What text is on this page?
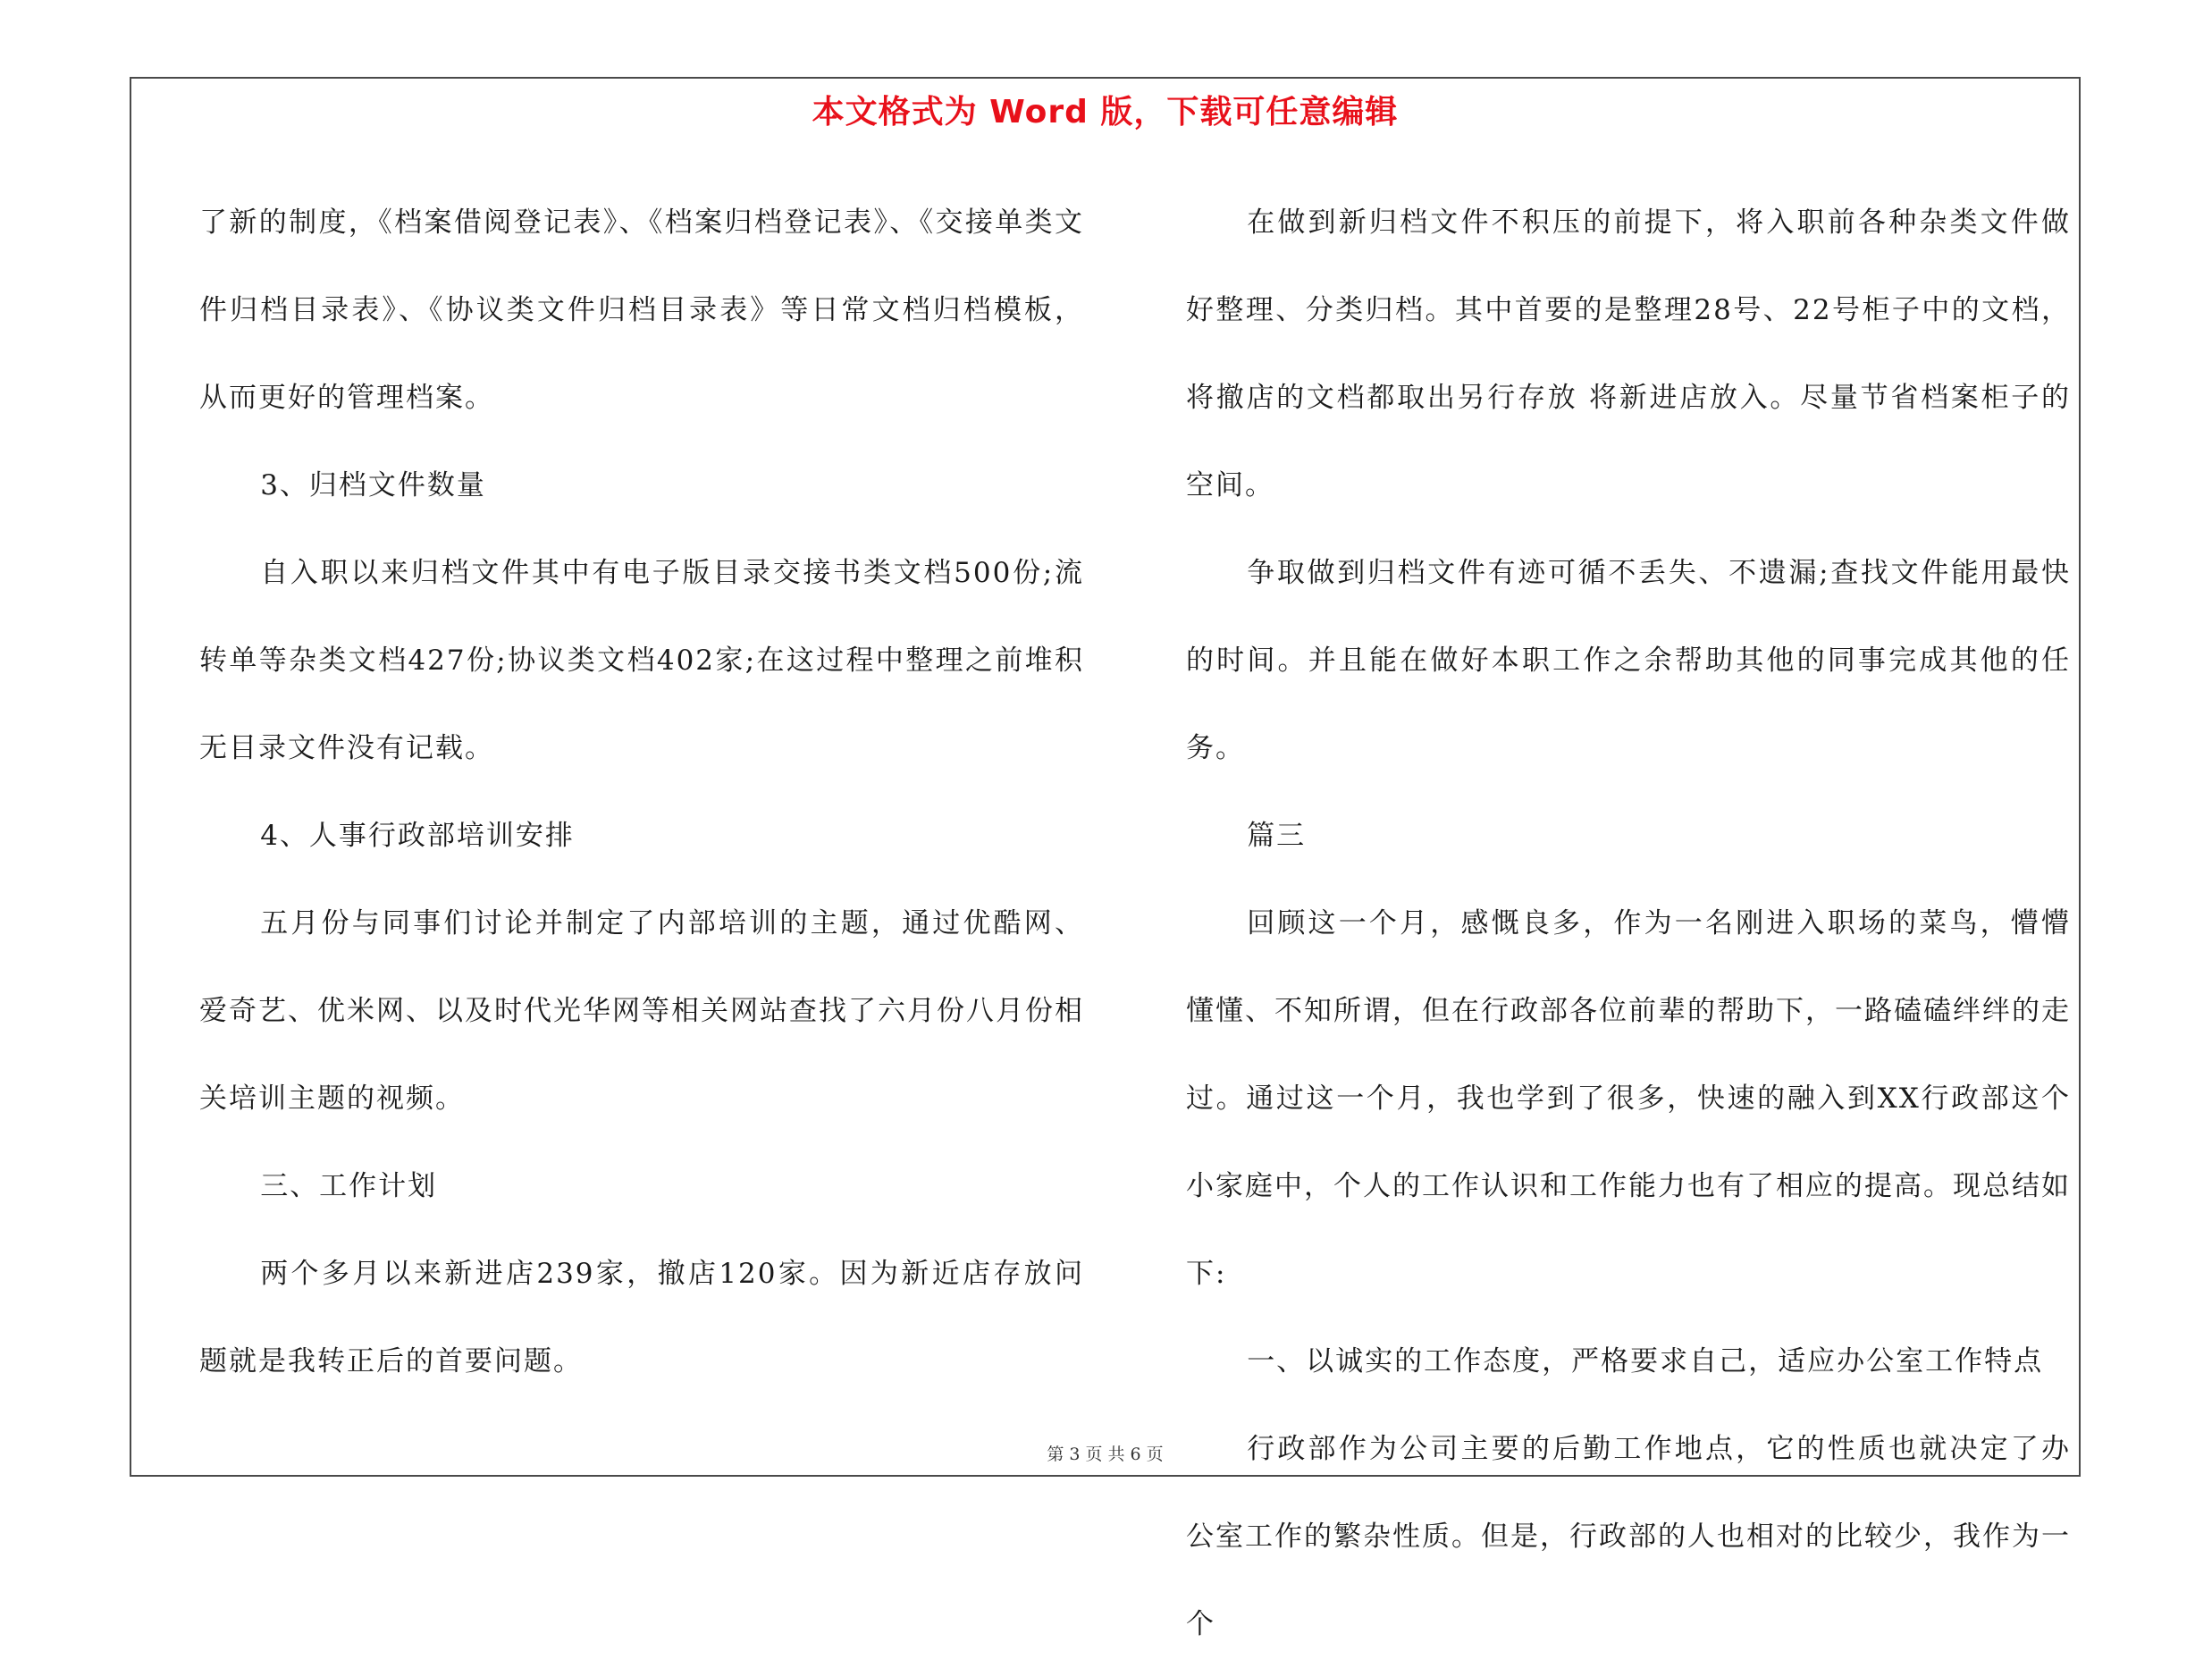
本文格式为 Word 版，下载可任意编辑

了新的制度，《档案借阅登记表》、《档案归档登记表》、《交接单类文件归档目录表》、《协议类文件归档目录表》等日常文档归档模板，从而更好的管理档案。

3、归档文件数量

自入职以来归档文件其中有电子版目录交接书类文档500份;流转单等杂类文档427份;协议类文档402家;在这过程中整理之前堆积无目录文件没有记载。

4、人事行政部培训安排

五月份与同事们讨论并制定了内部培训的主题，通过优酷网、爱奇艺、优米网、以及时代光华网等相关网站查找了六月份八月份相关培训主题的视频。

三、工作计划

两个多月以来新进店239家，撤店120家。因为新近店存放问题就是我转正后的首要问题。

在做到新归档文件不积压的前提下，将入职前各种杂类文件做好整理、分类归档。其中首要的是整理28号、22号柜子中的文档，将撤店的文档都取出另行存放 将新进店放入。尽量节省档案柜子的空间。

争取做到归档文件有迹可循不丢失、不遗漏;查找文件能用最快的时间。并且能在做好本职工作之余帮助其他的同事完成其他的任务。

篇三

回顾这一个月，感慨良多，作为一名刚进入职场的菜鸟，懵懵懂懂、不知所谓，但在行政部各位前辈的帮助下，一路磕磕绊绊的走过。通过这一个月，我也学到了很多，快速的融入到XX行政部这个小家庭中，个人的工作认识和工作能力也有了相应的提高。现总结如下:

一、以诚实的工作态度，严格要求自己，适应办公室工作特点

行政部作为公司主要的后勤工作地点，它的性质也就决定了办公室工作的繁杂性质。但是，行政部的人也相对的比较少，我作为一个

第 3 页 共 6 页
